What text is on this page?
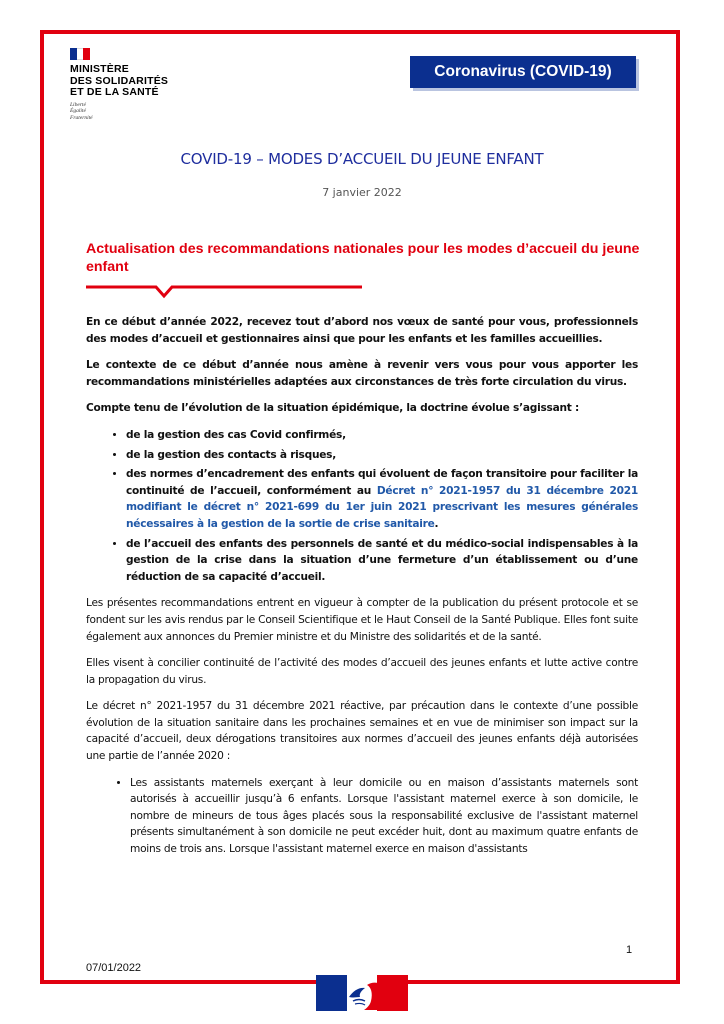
MINISTÈRE
DES SOLIDARITÉS
ET DE LA SANTÉ
Liberté
Égalité
Fraternité
Coronavirus (COVID-19)
COVID-19 – MODES D’ACCUEIL DU JEUNE ENFANT
7 janvier 2022
Actualisation des recommandations nationales pour les modes d’accueil du jeune enfant

En ce début d’année 2022, recevez tout d’abord nos vœux de santé pour vous, professionnels des modes d’accueil et gestionnaires ainsi que pour les enfants et les familles accueillies.

Le contexte de ce début d’année nous amène à revenir vers vous pour vous apporter les recommandations ministérielles adaptées aux circonstances de très forte circulation du virus.

Compte tenu de l’évolution de la situation épidémique, la doctrine évolue s’agissant :

• de la gestion des cas Covid confirmés,
• de la gestion des contacts à risques,
• des normes d’encadrement des enfants qui évoluent de façon transitoire pour faciliter la continuité de l’accueil, conformément au Décret n° 2021-1957 du 31 décembre 2021 modifiant le décret n° 2021-699 du 1er juin 2021 prescrivant les mesures générales nécessaires à la gestion de la sortie de crise sanitaire.
• de l’accueil des enfants des personnels de santé et du médico-social indispensables à la gestion de la crise dans la situation d’une fermeture d’un établissement ou d’une réduction de sa capacité d’accueil.

Les présentes recommandations entrent en vigueur à compter de la publication du présent protocole et se fondent sur les avis rendus par le Conseil Scientifique et le Haut Conseil de la Santé Publique. Elles font suite également aux annonces du Premier ministre et du Ministre des solidarités et de la santé.

Elles visent à concilier continuité de l’activité des modes d’accueil des jeunes enfants et lutte active contre la propagation du virus.

Le décret n° 2021-1957 du 31 décembre 2021 réactive, par précaution dans le contexte d’une possible évolution de la situation sanitaire dans les prochaines semaines et en vue de minimiser son impact sur la capacité d’accueil, deux dérogations transitoires aux normes d’accueil des jeunes enfants déjà autorisées une partie de l’année 2020 :

• Les assistants maternels exerçant à leur domicile ou en maison d’assistants maternels sont autorisés à accueillir jusqu’à 6 enfants. Lorsque l'assistant maternel exerce à son domicile, le nombre de mineurs de tous âges placés sous la responsabilité exclusive de l'assistant maternel présents simultanément à son domicile ne peut excéder huit, dont au maximum quatre enfants de moins de trois ans. Lorsque l'assistant maternel exerce en maison d'assistants
1
07/01/2022
